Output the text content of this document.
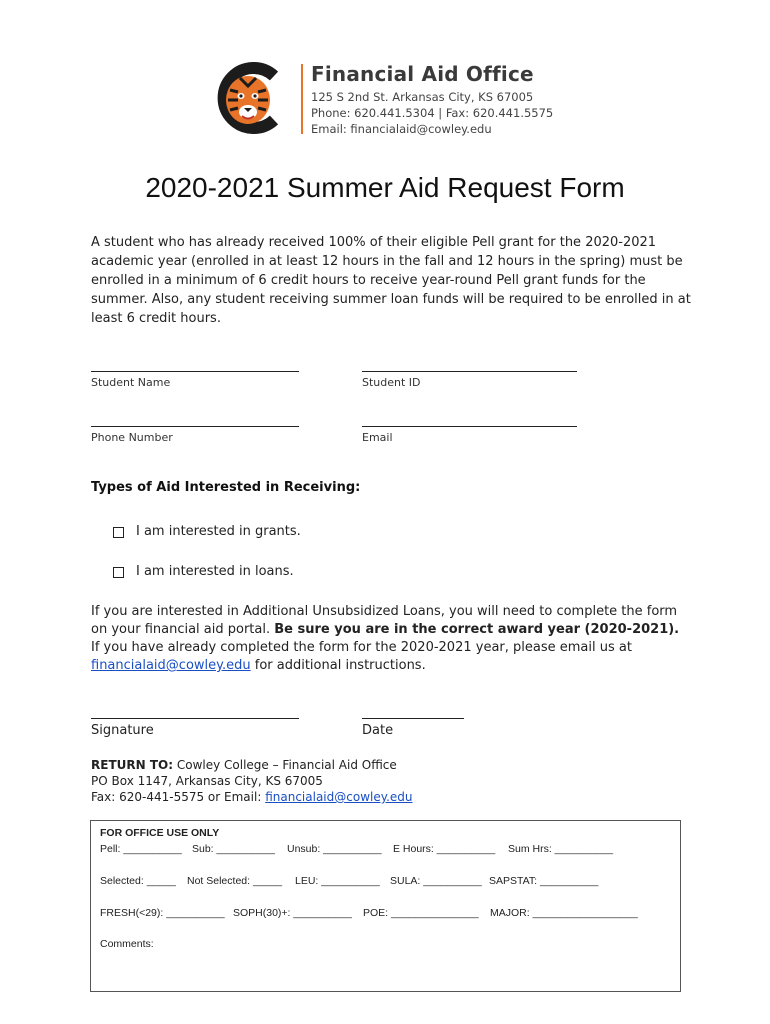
Financial Aid Office
125 S 2nd St. Arkansas City, KS 67005
Phone: 620.441.5304 | Fax: 620.441.5575
Email: financialaid@cowley.edu
2020-2021 Summer Aid Request Form
A student who has already received 100% of their eligible Pell grant for the 2020-2021 academic year (enrolled in at least 12 hours in the fall and 12 hours in the spring) must be enrolled in a minimum of 6 credit hours to receive year-round Pell grant funds for the summer. Also, any student receiving summer loan funds will be required to be enrolled in at least 6 credit hours.
Student Name	Student ID
Phone Number	Email
Types of Aid Interested in Receiving:
I am interested in grants.
I am interested in loans.
If you are interested in Additional Unsubsidized Loans, you will need to complete the form on your financial aid portal. Be sure you are in the correct award year (2020-2021). If you have already completed the form for the 2020-2021 year, please email us at financialaid@cowley.edu for additional instructions.
Signature	Date
RETURN TO: Cowley College – Financial Aid Office
PO Box 1147, Arkansas City, KS 67005
Fax: 620-441-5575 or Email: financialaid@cowley.edu
FOR OFFICE USE ONLY
Pell: __________ Sub: __________ Unsub: __________ E Hours: __________ Sum Hrs: __________
Selected: _____ Not Selected: _____ LEU: __________ SULA: __________ SAPSTAT: __________
FRESH(<29): __________ SOPH(30)+: __________ POE: _______________ MAJOR: __________________
Comments:
